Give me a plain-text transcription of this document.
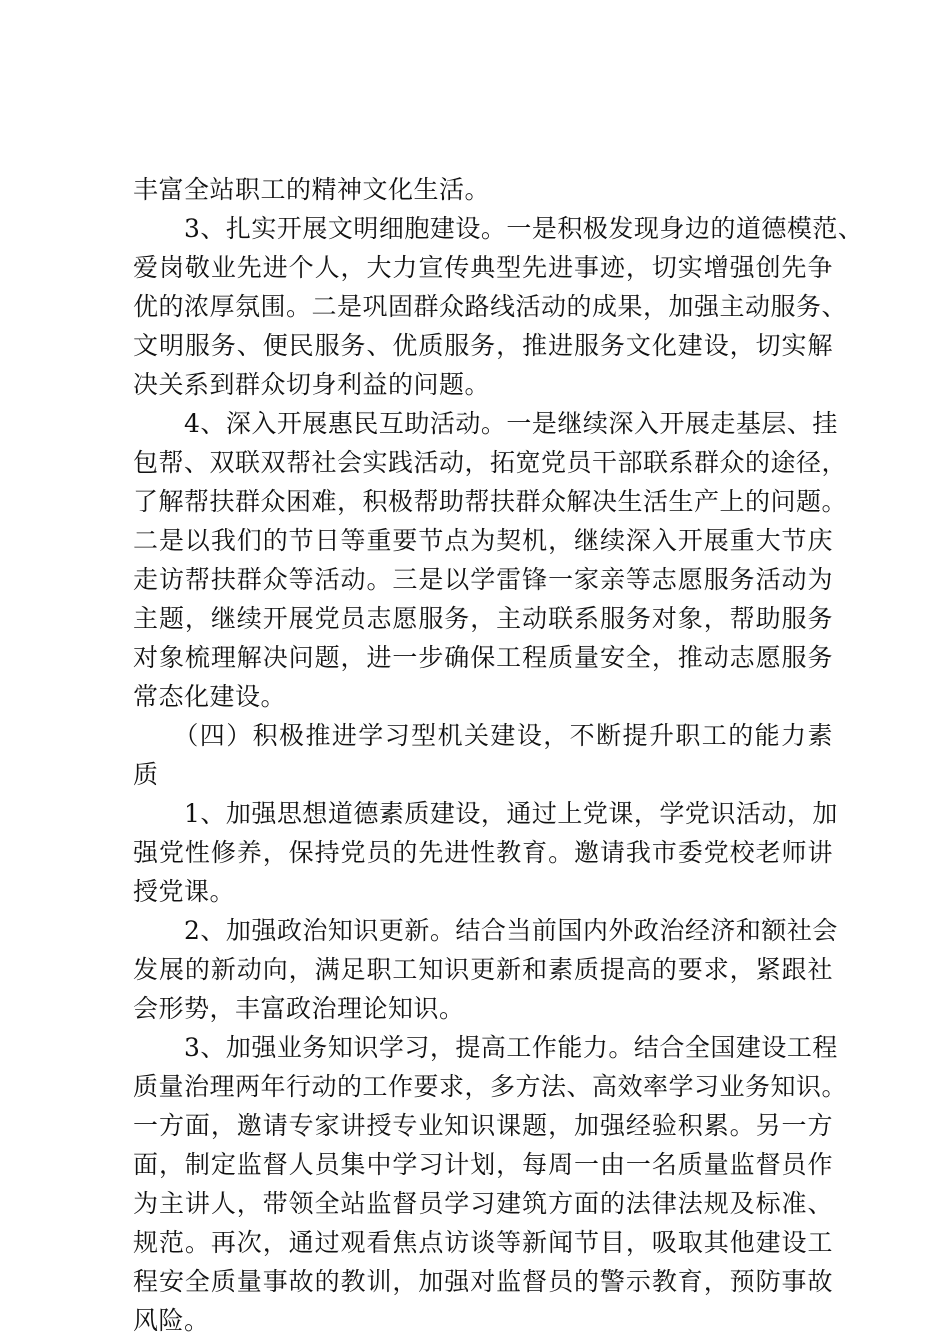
丰富全站职工的精神文化生活。
　　3、扎实开展文明细胞建设。一是积极发现身边的道德模范、
爱岗敬业先进个人，大力宣传典型先进事迹，切实增强创先争
优的浓厚氛围。二是巩固群众路线活动的成果，加强主动服务、
文明服务、便民服务、优质服务，推进服务文化建设，切实解
决关系到群众切身利益的问题。
　　4、深入开展惠民互助活动。一是继续深入开展走基层、挂
包帮、双联双帮社会实践活动，拓宽党员干部联系群众的途径，
了解帮扶群众困难，积极帮助帮扶群众解决生活生产上的问题。
二是以我们的节日等重要节点为契机，继续深入开展重大节庆
走访帮扶群众等活动。三是以学雷锋一家亲等志愿服务活动为
主题，继续开展党员志愿服务，主动联系服务对象，帮助服务
对象梳理解决问题，进一步确保工程质量安全，推动志愿服务
常态化建设。
　　（四）积极推进学习型机关建设，不断提升职工的能力素
质
　　1、加强思想道德素质建设，通过上党课，学党识活动，加
强党性修养，保持党员的先进性教育。邀请我市委党校老师讲
授党课。
　　2、加强政治知识更新。结合当前国内外政治经济和额社会
发展的新动向，满足职工知识更新和素质提高的要求，紧跟社
会形势，丰富政治理论知识。
　　3、加强业务知识学习，提高工作能力。结合全国建设工程
质量治理两年行动的工作要求，多方法、高效率学习业务知识。
一方面，邀请专家讲授专业知识课题，加强经验积累。另一方
面，制定监督人员集中学习计划，每周一由一名质量监督员作
为主讲人，带领全站监督员学习建筑方面的法律法规及标准、
规范。再次，通过观看焦点访谈等新闻节目，吸取其他建设工
程安全质量事故的教训，加强对监督员的警示教育，预防事故
风险。
